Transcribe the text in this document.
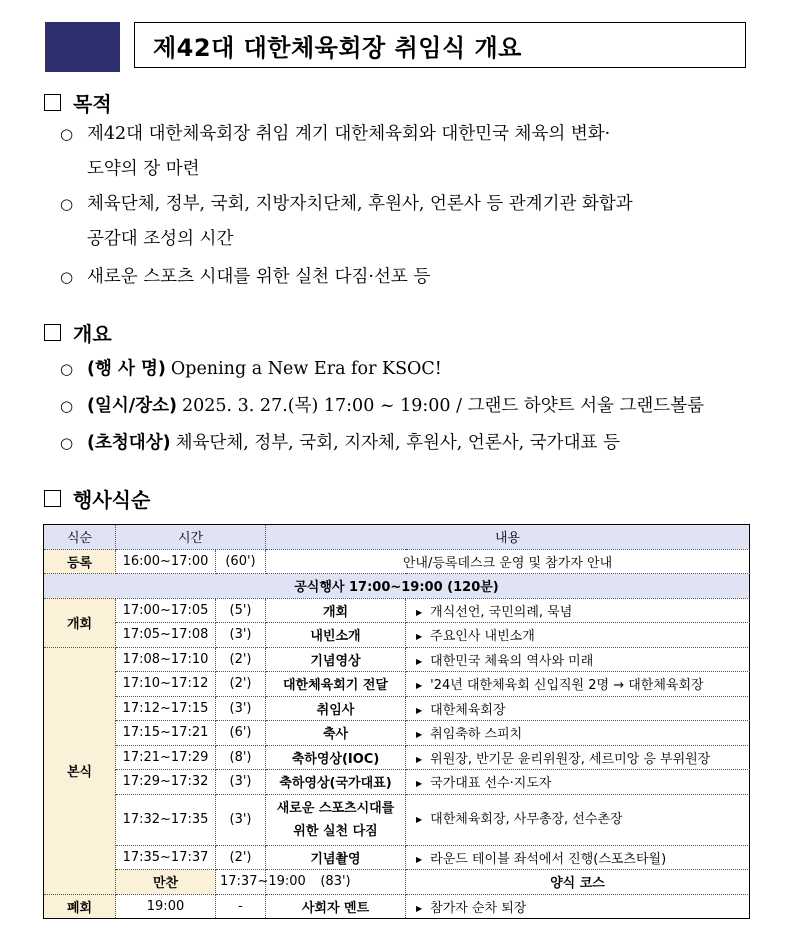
제42대 대한체육회장 취임식 개요
목적
○ 제42대 대한체육회장 취임 계기 대한체육회와 대한민국 체육의 변화·
도약의 장 마련
○ 체육단체, 정부, 국회, 지방자치단체, 후원사, 언론사 등 관계기관 화합과
공감대 조성의 시간
○ 새로운 스포츠 시대를 위한 실천 다짐·선포 등
개요
○ (행 사 명) Opening a New Era for KSOC!
○ (일시/장소) 2025. 3. 27.(목) 17:00 ~ 19:00 / 그랜드 하얏트 서울 그랜드볼룸
○ (초청대상) 체육단체, 정부, 국회, 지자체, 후원사, 언론사, 국가대표 등
행사식순
식순	시간		내용		
등록	16:00~17:00	(60')	안내/등록데스크 운영 및 참가자 안내		
공식행사 17:00~19:00 (120분)					
개회	17:00~17:05	(5')	개회	▶ 개식선언, 국민의례, 묵념	
	17:05~17:08	(3')	내빈소개	▶ 주요인사 내빈소개	
본식	17:08~17:10	(2')	기념영상	▶ 대한민국 체육의 역사와 미래	
	17:10~17:12	(2')	대한체육회기 전달	▶ '24년 대한체육회 신입직원 2명 → 대한체육회장	
	17:12~17:15	(3')	취임사	▶ 대한체육회장	
	17:15~17:21	(6')	축사	▶ 취임축하 스피치	
	17:21~17:29	(8')	축하영상(IOC)	▶ 위원장, 반기문 윤리위원장, 세르미앙 응 부위원장	
	17:29~17:32	(3')	축하영상(국가대표)	▶ 국가대표 선수·지도자	
	17:32~17:35	(3')	새로운 스포츠시대를 위한 실천 다짐	▶ 대한체육회장, 사무총장, 선수촌장	
	17:35~17:37	(2')	기념촬영	▶ 라운드 테이블 좌석에서 진행(스포츠타월)	
	만찬	17:37~19:00	(83')	양식 코스	
폐회	19:00	-	사회자 멘트	▶ 참가자 순차 퇴장	
